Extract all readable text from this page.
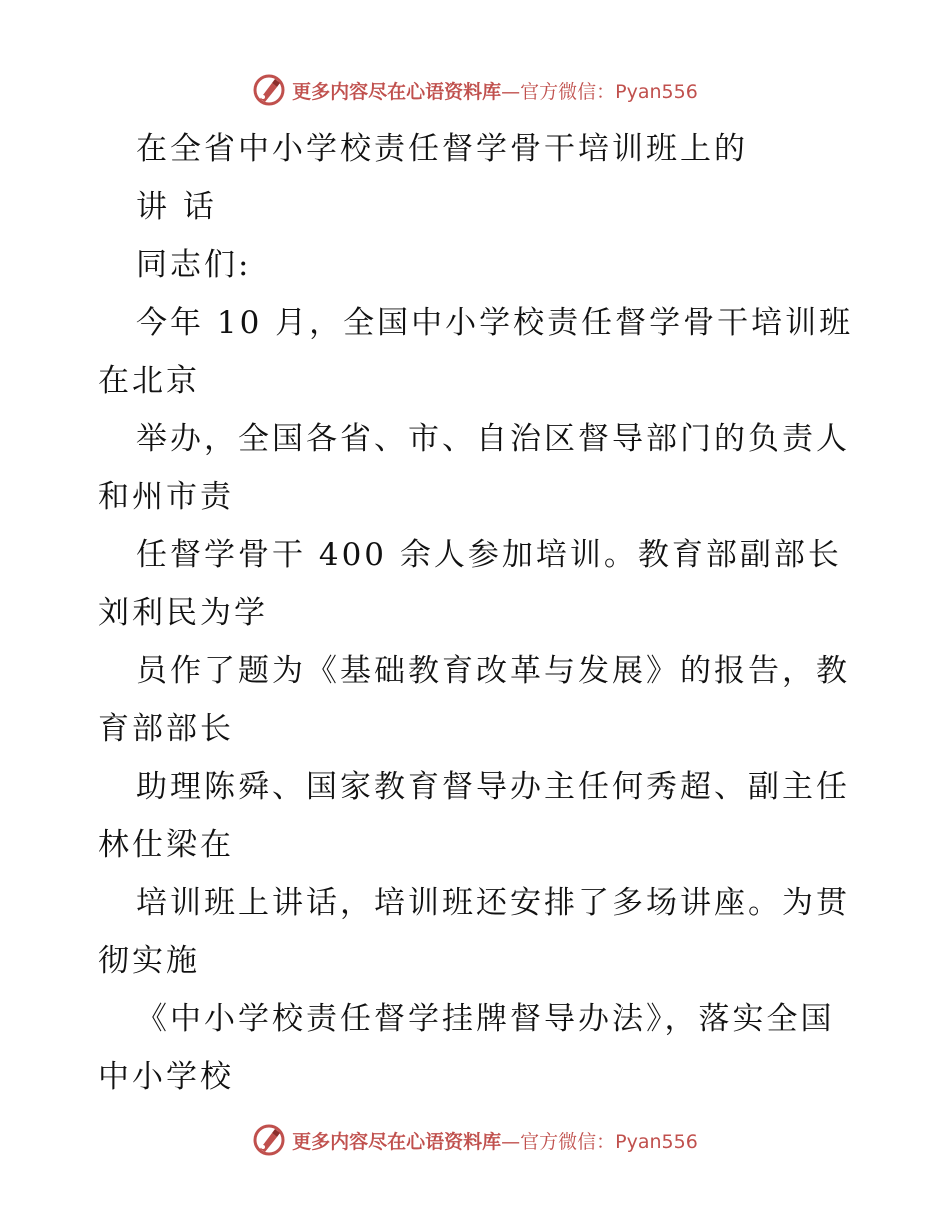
更多内容尽在心语资料库—官方微信：Pyan556
在全省中小学校责任督学骨干培训班上的
讲 话
同志们:
今年 10 月，全国中小学校责任督学骨干培训班
在北京
举办，全国各省、市、自治区督导部门的负责人
和州市责
任督学骨干 400 余人参加培训。教育部副部长
刘利民为学
员作了题为《基础教育改革与发展》的报告，教
育部部长
助理陈舜、国家教育督导办主任何秀超、副主任
林仕梁在
培训班上讲话，培训班还安排了多场讲座。为贯
彻实施
《中小学校责任督学挂牌督导办法》，落实全国
中小学校
更多内容尽在心语资料库—官方微信：Pyan556
